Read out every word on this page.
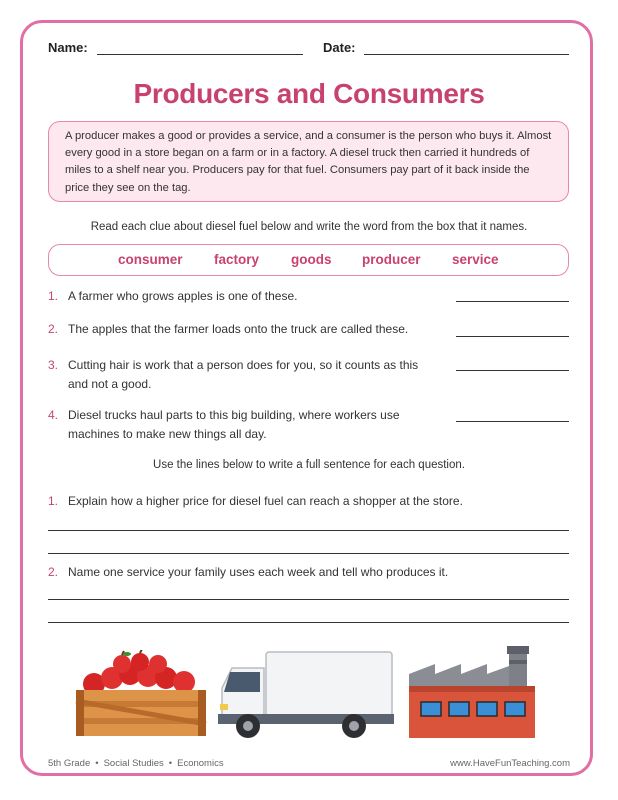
Name:	Date:
Producers and Consumers
A producer makes a good or provides a service, and a consumer is the person who buys it. Almost every good in a store began on a farm or in a factory. A diesel truck then carried it hundreds of miles to a shelf near you. Producers pay for that fuel. Consumers pay part of it back inside the price they see on the tag.
Read each clue about diesel fuel below and write the word from the box that it names.
consumer factory goods producer service
1. A farmer who grows apples is one of these.
2. The apples that the farmer loads onto the truck are called these.
3. Cutting hair is work that a person does for you, so it counts as this and not a good.
4. Diesel trucks haul parts to this big building, where workers use machines to make new things all day.
Use the lines below to write a full sentence for each question.
1. Explain how a higher price for diesel fuel can reach a shopper at the store.
2. Name one service your family uses each week and tell who produces it.
5th Grade • Social Studies • Economics	www.HaveFunTeaching.com
